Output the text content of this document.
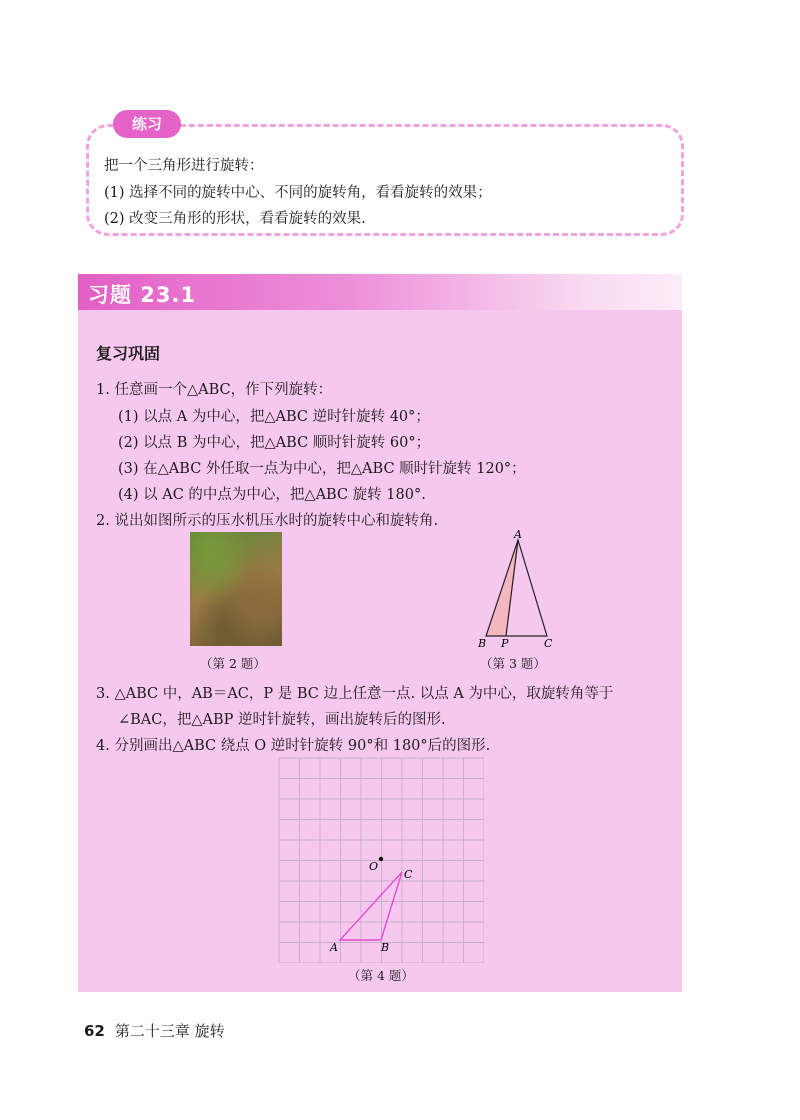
练习
把一个三角形进行旋转：
(1) 选择不同的旋转中心、不同的旋转角，看看旋转的效果；
(2) 改变三角形的形状，看看旋转的效果.
习题 23.1
复习巩固
1. 任意画一个△ABC，作下列旋转：
(1) 以点 A 为中心，把△ABC 逆时针旋转 40°；
(2) 以点 B 为中心，把△ABC 顺时针旋转 60°；
(3) 在△ABC 外任取一点为中心，把△ABC 顺时针旋转 120°；
(4) 以 AC 的中点为中心，把△ABC 旋转 180°.
2. 说出如图所示的压水机压水时的旋转中心和旋转角.
（第 2 题）
A
B P	C
（第 3 题）
3. △ABC 中，AB＝AC，P 是 BC 边上任意一点. 以点 A 为中心，取旋转角等于
∠BAC，把△ABP 逆时针旋转，画出旋转后的图形.
4. 分别画出△ABC 绕点 O 逆时针旋转 90°和 180°后的图形.
O
A	B
C
（第 4 题）
62 第二十三章 旋转
